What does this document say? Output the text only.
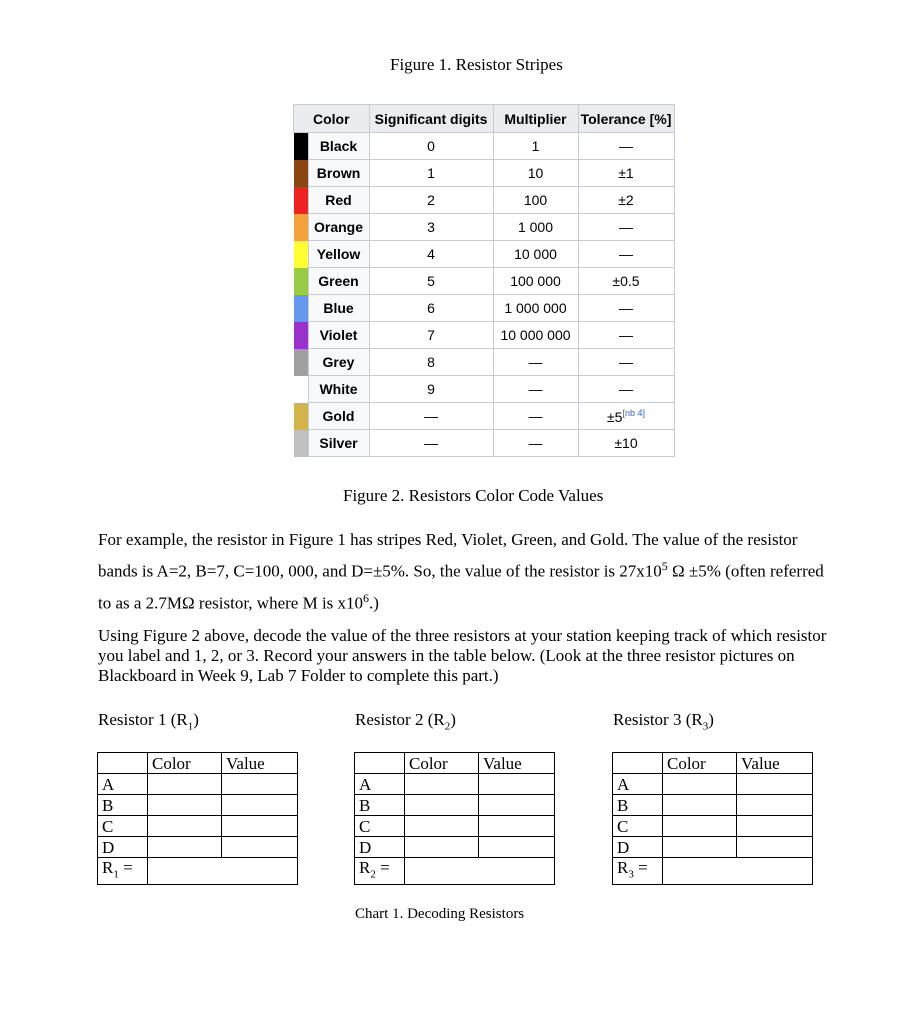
Figure 1. Resistor Stripes
Color		Significant digits	Multiplier	Tolerance [%]
	Black	0	1	—
	Brown	1	10	±1
	Red	2	100	±2
	Orange	3	1 000	—
	Yellow	4	10 000	—
	Green	5	100 000	±0.5
	Blue	6	1 000 000	—
	Violet	7	10 000 000	—
	Grey	8	—	—
	White	9	—	—
	Gold	—	—	±5[nb 4]
	Silver	—	—	±10
Figure 2. Resistors Color Code Values
For example, the resistor in Figure 1 has stripes Red, Violet, Green, and Gold. The value of the resistor bands is A=2, B=7, C=100, 000, and D=±5%. So, the value of the resistor is $27x10^5$ Ω ±5% (often referred to as a 2.7MΩ resistor, where M is $x10^6$.)
Using Figure 2 above, decode the value of the three resistors at your station keeping track of which resistor you label and 1, 2, or 3. Record your answers in the table below. (Look at the three resistor pictures on Blackboard in Week 9, Lab 7 Folder to complete this part.)
Resistor 1 $(R_1)$	Resistor 2 $(R_2)$	Resistor 3 $(R_3)$
	Color	Value
A		
B		
C		
D		
$R_1$ =		
	Color	Value
A		
B		
C		
D		
$R_2$ =		
	Color	Value
A		
B		
C		
D		
$R_3$ =		
Chart 1. Decoding Resistors
